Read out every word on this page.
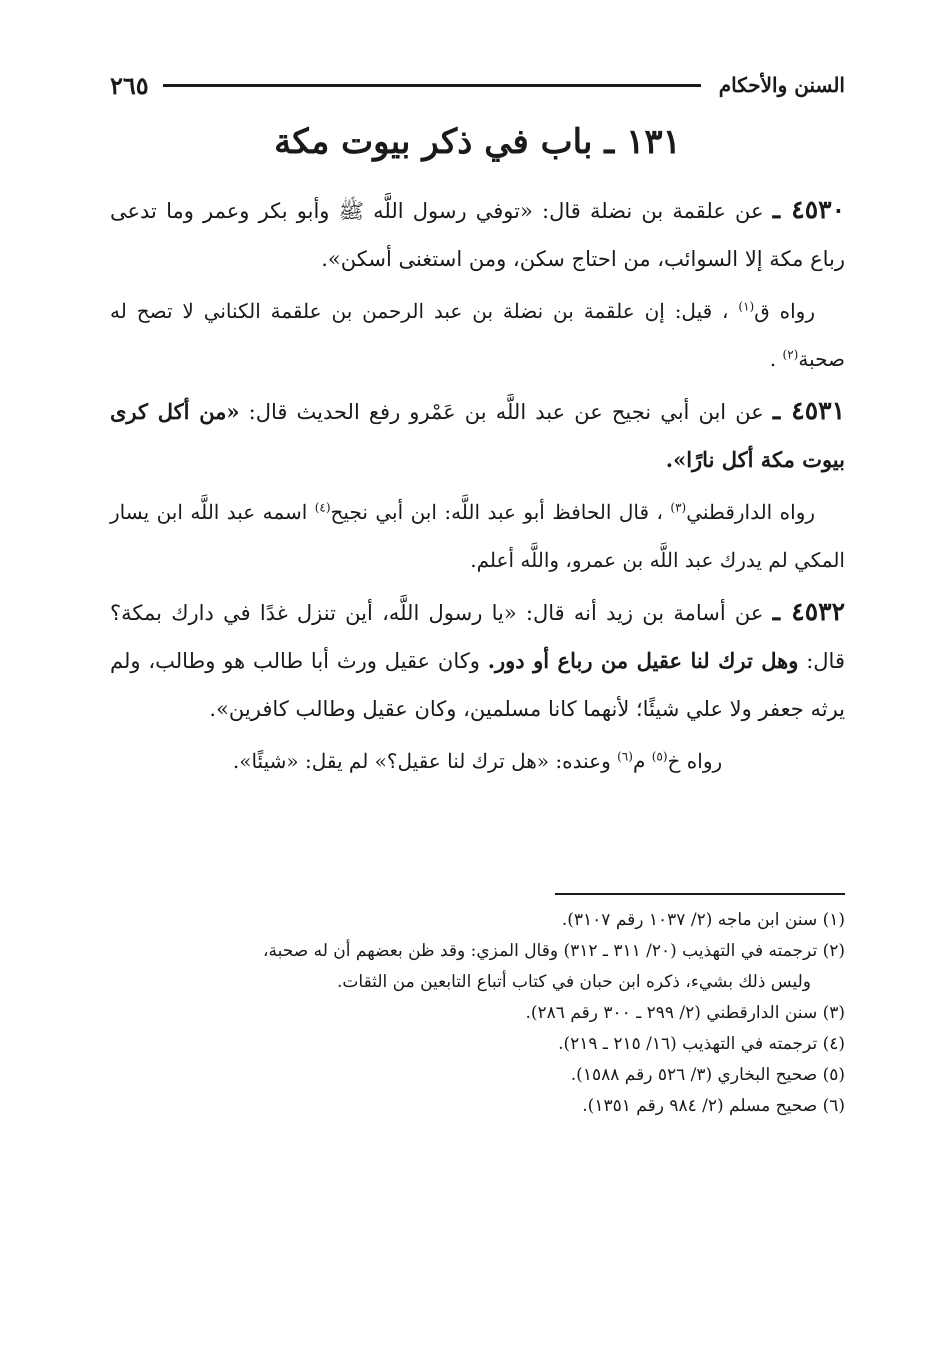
السنن والأحكام
٢٦٥
١٣١ ـ باب في ذكر بيوت مكة

٤٥٣٠ ـ عن علقمة بن نضلة قال: «توفي رسول اللَّه ﷺ وأبو بكر وعمر وما تدعى رباع مكة إلا السوائب، من احتاج سكن، ومن استغنى أسكن».

رواه ق$^{(١)}$ ، قيل: إن علقمة بن نضلة بن عبد الرحمن بن علقمة الكناني لا تصح له صحبة$^{(٢)}$ .

٤٥٣١ ـ عن ابن أبي نجيح عن عبد اللَّه بن عَمْرو رفع الحديث قال: «من أكل كرى بيوت مكة أكل نارًا».

رواه الدارقطني$^{(٣)}$ ، قال الحافظ أبو عبد اللَّه: ابن أبي نجيح$^{(٤)}$ اسمه عبد اللَّه ابن يسار المكي لم يدرك عبد اللَّه بن عمرو، واللَّه أعلم.

٤٥٣٢ ـ عن أسامة بن زيد أنه قال: «يا رسول اللَّه، أين تنزل غدًا في دارك بمكة؟ قال: وهل ترك لنا عقيل من رباع أو دور. وكان عقيل ورث أبا طالب هو وطالب، ولم يرثه جعفر ولا علي شيئًا؛ لأنهما كانا مسلمين، وكان عقيل وطالب كافرين».

رواه خ$^{(٥)}$ م$^{(٦)}$ وعنده: «هل ترك لنا عقيل؟» لم يقل: «شيئًا».

(١) سنن ابن ماجه (٢/ ١٠٣٧ رقم ٣١٠٧).

(٢) ترجمته في التهذيب (٢٠/ ٣١١ ـ ٣١٢) وقال المزي: وقد ظن بعضهم أن له صحبة،

وليس ذلك بشيء، ذكره ابن حبان في كتاب أتباع التابعين من الثقات.

(٣) سنن الدارقطني (٢/ ٢٩٩ ـ ٣٠٠ رقم ٢٨٦).

(٤) ترجمته في التهذيب (١٦/ ٢١٥ ـ ٢١٩).

(٥) صحيح البخاري (٣/ ٥٢٦ رقم ١٥٨٨).

(٦) صحيح مسلم (٢/ ٩٨٤ رقم ١٣٥١).
